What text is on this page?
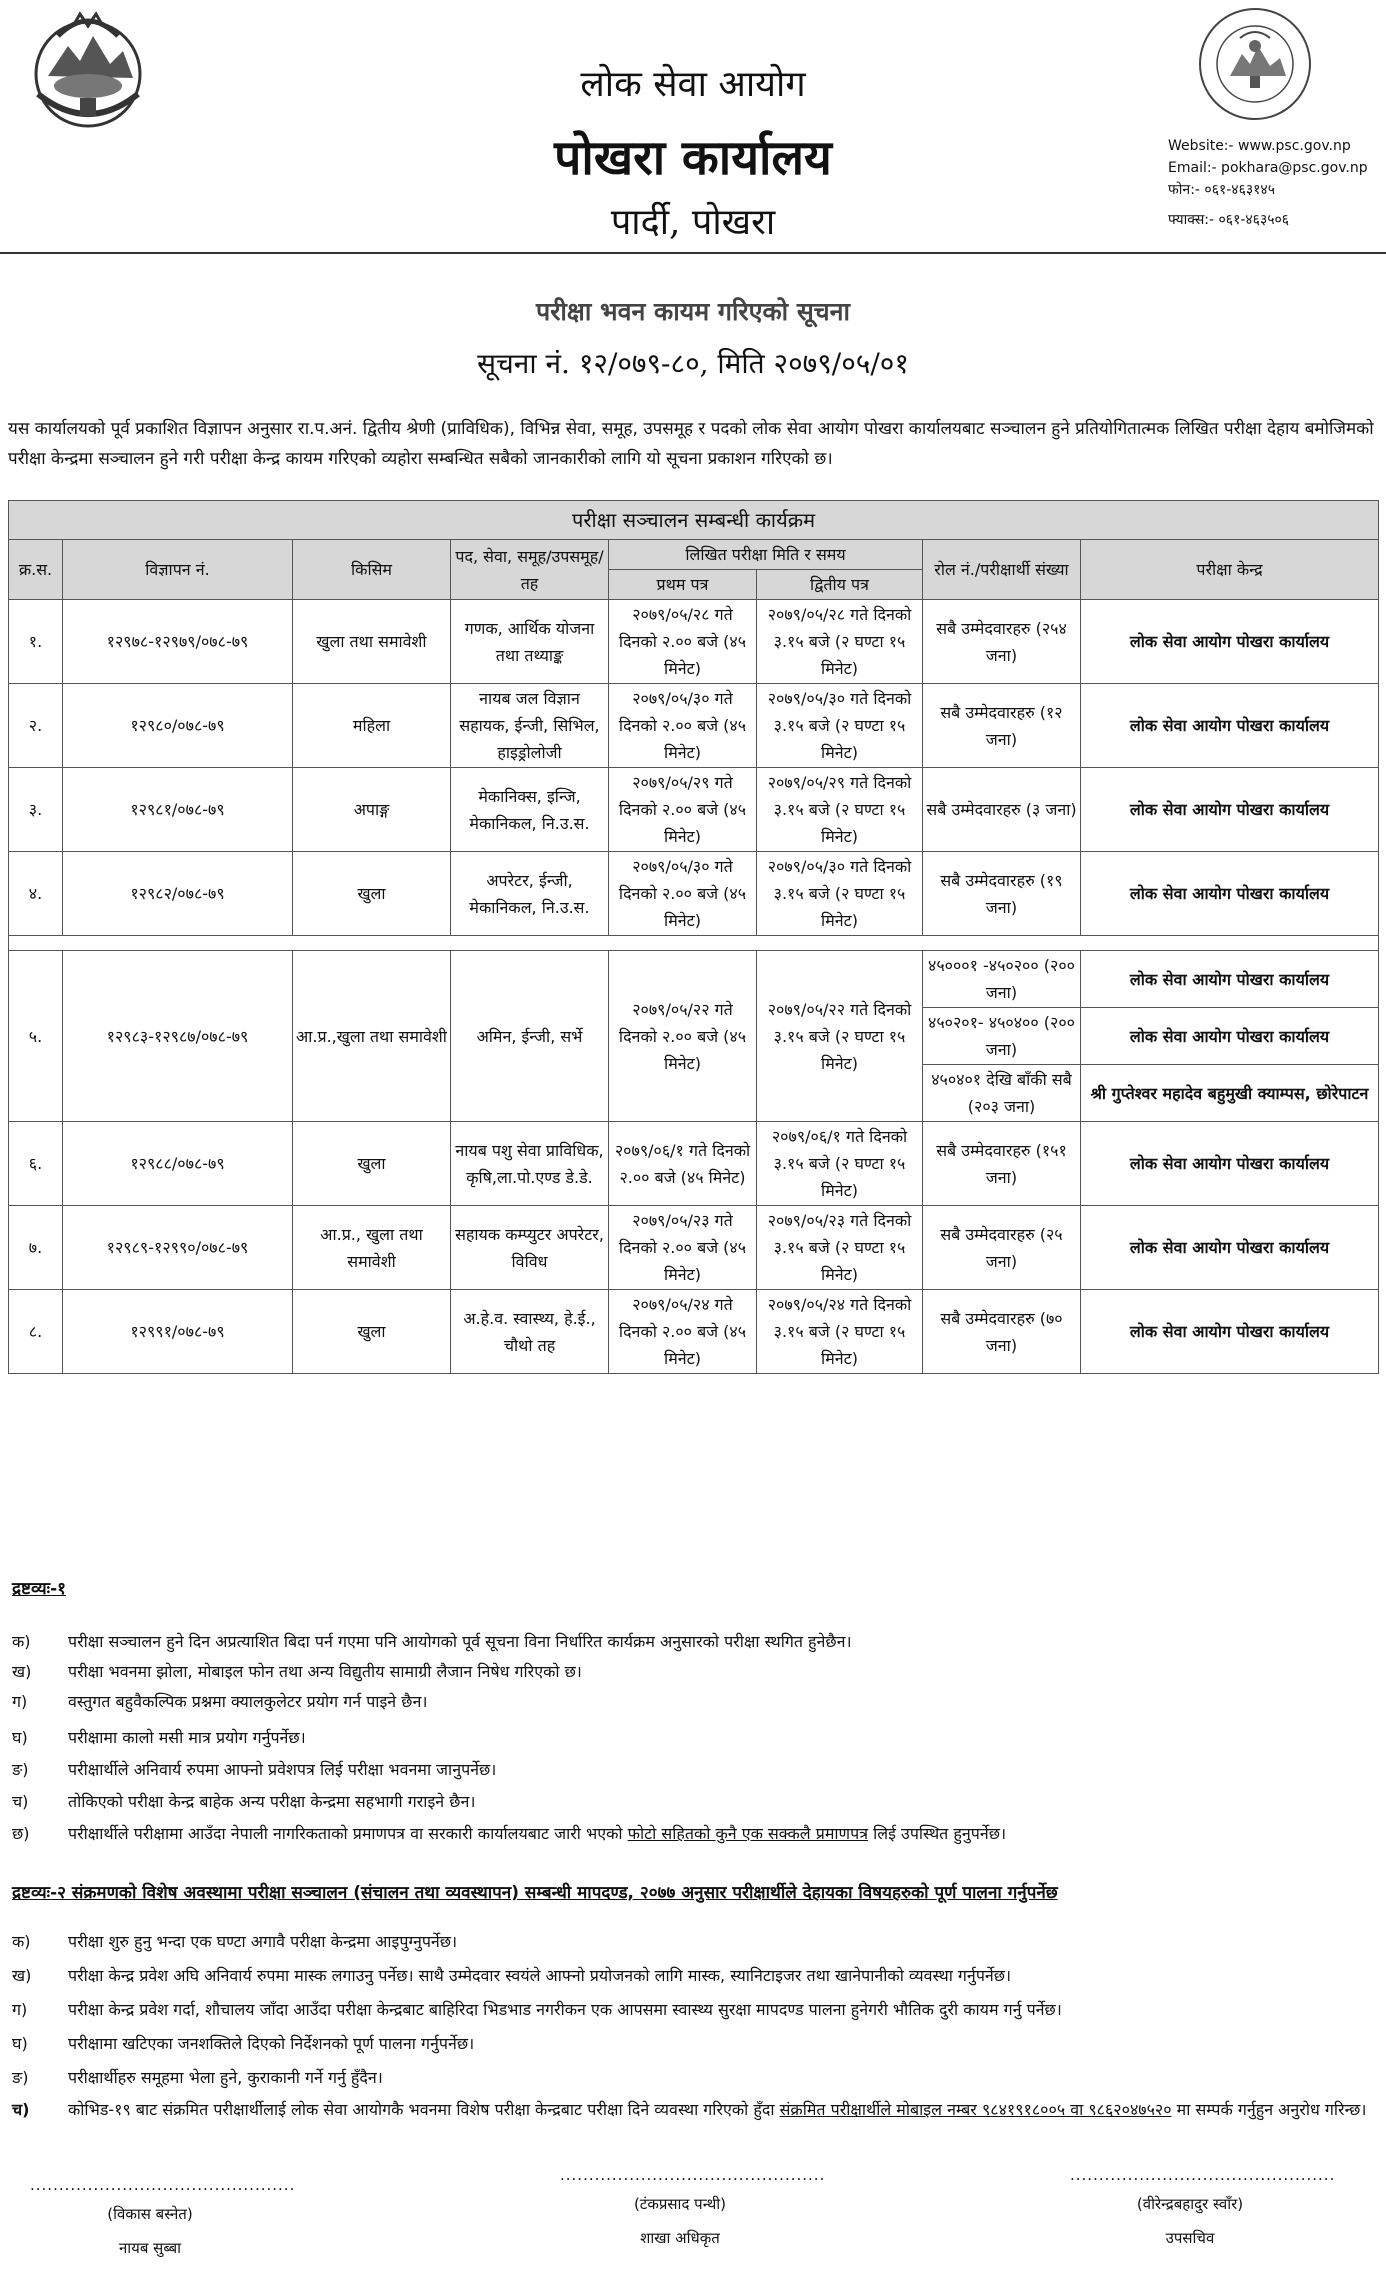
लोक सेवा आयोग
पोखरा कार्यालय
पार्दी, पोखरा
Website:- www.psc.gov.np
Email:- pokhara@psc.gov.np
फोन:- ०६१-४६३१४५
फ्याक्स:- ०६१-४६३५०६
परीक्षा भवन कायम गरिएको सूचना
सूचना नं. १२/०७९-८०, मिति २०७९/०५/०१
यस कार्यालयको पूर्व प्रकाशित विज्ञापन अनुसार रा.प.अनं. द्वितीय श्रेणी (प्राविधिक), विभिन्न सेवा, समूह, उपसमूह र पदको लोक सेवा आयोग पोखरा कार्यालयबाट सञ्चालन हुने प्रतियोगितात्मक लिखित परीक्षा देहाय बमोजिमको परीक्षा केन्द्रमा सञ्चालन हुने गरी परीक्षा केन्द्र कायम गरिएको व्यहोरा सम्बन्धित सबैको जानकारीको लागि यो सूचना प्रकाशन गरिएको छ।
परीक्षा सञ्चालन सम्बन्धी कार्यक्रम							
क्र.स.	विज्ञापन नं.	किसिम	पद, सेवा, समूह/उपसमूह/तह	लिखित परीक्षा मिति र समय		रोल नं./परीक्षार्थी संख्या	परीक्षा केन्द्र
				प्रथम पत्र	द्वितीय पत्र		
१.	१२९७८-१२९७९/०७८-७९	खुला तथा समावेशी	गणक, आर्थिक योजना तथा तथ्याङ्क	२०७९/०५/२८ गते दिनको २.०० बजे (४५ मिनेट)	२०७९/०५/२८ गते दिनको ३.१५ बजे (२ घण्टा १५ मिनेट)	सबै उम्मेदवारहरु (२५४ जना)	लोक सेवा आयोग पोखरा कार्यालय
२.	१२९८०/०७८-७९	महिला	नायब जल विज्ञान सहायक, ईन्जी, सिभिल, हाइड्रोलोजी	२०७९/०५/३० गते दिनको २.०० बजे (४५ मिनेट)	२०७९/०५/३० गते दिनको ३.१५ बजे (२ घण्टा १५ मिनेट)	सबै उम्मेदवारहरु (१२ जना)	लोक सेवा आयोग पोखरा कार्यालय
३.	१२९८१/०७८-७९	अपाङ्ग	मेकानिक्स, इन्जि, मेकानिकल, नि.उ.स.	२०७९/०५/२९ गते दिनको २.०० बजे (४५ मिनेट)	२०७९/०५/२९ गते दिनको ३.१५ बजे (२ घण्टा १५ मिनेट)	सबै उम्मेदवारहरु (३ जना)	लोक सेवा आयोग पोखरा कार्यालय
४.	१२९८२/०७८-७९	खुला	अपरेटर, ईन्जी, मेकानिकल, नि.उ.स.	२०७९/०५/३० गते दिनको २.०० बजे (४५ मिनेट)	२०७९/०५/३० गते दिनको ३.१५ बजे (२ घण्टा १५ मिनेट)	सबै उम्मेदवारहरु (१९ जना)	लोक सेवा आयोग पोखरा कार्यालय

५.	१२९८३-१२९८७/०७८-७९	आ.प्र.,खुला तथा समावेशी	अमिन, ईन्जी, सर्भे	२०७९/०५/२२ गते दिनको २.०० बजे (४५ मिनेट)	२०७९/०५/२२ गते दिनको ३.१५ बजे (२ घण्टा १५ मिनेट)	४५०००१ -४५०२०० (२०० जना)	लोक सेवा आयोग पोखरा कार्यालय
						४५०२०१- ४५०४०० (२०० जना)	लोक सेवा आयोग पोखरा कार्यालय
						४५०४०१ देखि बाँकी सबै (२०३ जना)	श्री गुप्तेश्वर महादेव बहुमुखी क्याम्पस, छोरेपाटन
६.	१२९८८/०७८-७९	खुला	नायब पशु सेवा प्राविधिक, कृषि,ला.पो.एण्ड डे.डे.	२०७९/०६/१ गते दिनको २.०० बजे (४५ मिनेट)	२०७९/०६/१ गते दिनको ३.१५ बजे (२ घण्टा १५ मिनेट)	सबै उम्मेदवारहरु (१५१ जना)	लोक सेवा आयोग पोखरा कार्यालय
७.	१२९८९-१२९९०/०७८-७९	आ.प्र., खुला तथा समावेशी	सहायक कम्प्युटर अपरेटर, विविध	२०७९/०५/२३ गते दिनको २.०० बजे (४५ मिनेट)	२०७९/०५/२३ गते दिनको ३.१५ बजे (२ घण्टा १५ मिनेट)	सबै उम्मेदवारहरु (२५ जना)	लोक सेवा आयोग पोखरा कार्यालय
८.	१२९९१/०७८-७९	खुला	अ.हे.व. स्वास्थ्य, हे.ई., चौथो तह	२०७९/०५/२४ गते दिनको २.०० बजे (४५ मिनेट)	२०७९/०५/२४ गते दिनको ३.१५ बजे (२ घण्टा १५ मिनेट)	सबै उम्मेदवारहरु (७० जना)	लोक सेवा आयोग पोखरा कार्यालय
द्रष्टव्यः-१
क)	परीक्षा सञ्चालन हुने दिन अप्रत्याशित बिदा पर्न गएमा पनि आयोगको पूर्व सूचना विना निर्धारित कार्यक्रम अनुसारको परीक्षा स्थगित हुनेछैन।
ख)	परीक्षा भवनमा झोला, मोबाइल फोन तथा अन्य विद्युतीय सामाग्री लैजान निषेध गरिएको छ।
ग)	वस्तुगत बहुवैकल्पिक प्रश्नमा क्यालकुलेटर प्रयोग गर्न पाइने छैन।
घ)	परीक्षामा कालो मसी मात्र प्रयोग गर्नुपर्नेछ।
ङ)	परीक्षार्थीले अनिवार्य रुपमा आफ्नो प्रवेशपत्र लिई परीक्षा भवनमा जानुपर्नेछ।
च)	तोकिएको परीक्षा केन्द्र बाहेक अन्य परीक्षा केन्द्रमा सहभागी गराइने छैन।
छ)	परीक्षार्थीले परीक्षामा आउँदा नेपाली नागरिकताको प्रमाणपत्र वा सरकारी कार्यालयबाट जारी भएको फोटो सहितको कुनै एक सक्कलै प्रमाणपत्र लिई उपस्थित हुनुपर्नेछ।
द्रष्टव्यः-२ संक्रमणको विशेष अवस्थामा परीक्षा सञ्चालन (संचालन तथा व्यवस्थापन) सम्बन्धी मापदण्ड, २०७७ अनुसार परीक्षार्थीले देहायका विषयहरुको पूर्ण पालना गर्नुपर्नेछ
क)	परीक्षा शुरु हुनु भन्दा एक घण्टा अगावै परीक्षा केन्द्रमा आइपुग्नुपर्नेछ।
ख)	परीक्षा केन्द्र प्रवेश अघि अनिवार्य रुपमा मास्क लगाउनु पर्नेछ। साथै उम्मेदवार स्वयंले आफ्नो प्रयोजनको लागि मास्क, स्यानिटाइजर तथा खानेपानीको व्यवस्था गर्नुपर्नेछ।
ग)	परीक्षा केन्द्र प्रवेश गर्दा, शौचालय जाँदा आउँदा परीक्षा केन्द्रबाट बाहिरिदा भिडभाड नगरीकन एक आपसमा स्वास्थ्य सुरक्षा मापदण्ड पालना हुनेगरी भौतिक दुरी कायम गर्नु पर्नेछ।
घ)	परीक्षामा खटिएका जनशक्तिले दिएको निर्देशनको पूर्ण पालना गर्नुपर्नेछ।
ङ)	परीक्षार्थीहरु समूहमा भेला हुने, कुराकानी गर्ने गर्नु हुँदैन।
च)	कोभिड-१९ बाट संक्रमित परीक्षार्थीलाई लोक सेवा आयोगकै भवनमा विशेष परीक्षा केन्द्रबाट परीक्षा दिने व्यवस्था गरिएको हुँदा संक्रमित परीक्षार्थीले मोबाइल नम्बर ९८४१९१८००५ वा ९८६२०४७५२० मा सम्पर्क गर्नुहुन अनुरोध गरिन्छ।
..............................................
(विकास बस्नेत)
नायब सुब्बा
..............................................
(टंकप्रसाद पन्थी)
शाखा अधिकृत
..............................................
(वीरेन्द्रबहादुर स्वाँर)
उपसचिव
